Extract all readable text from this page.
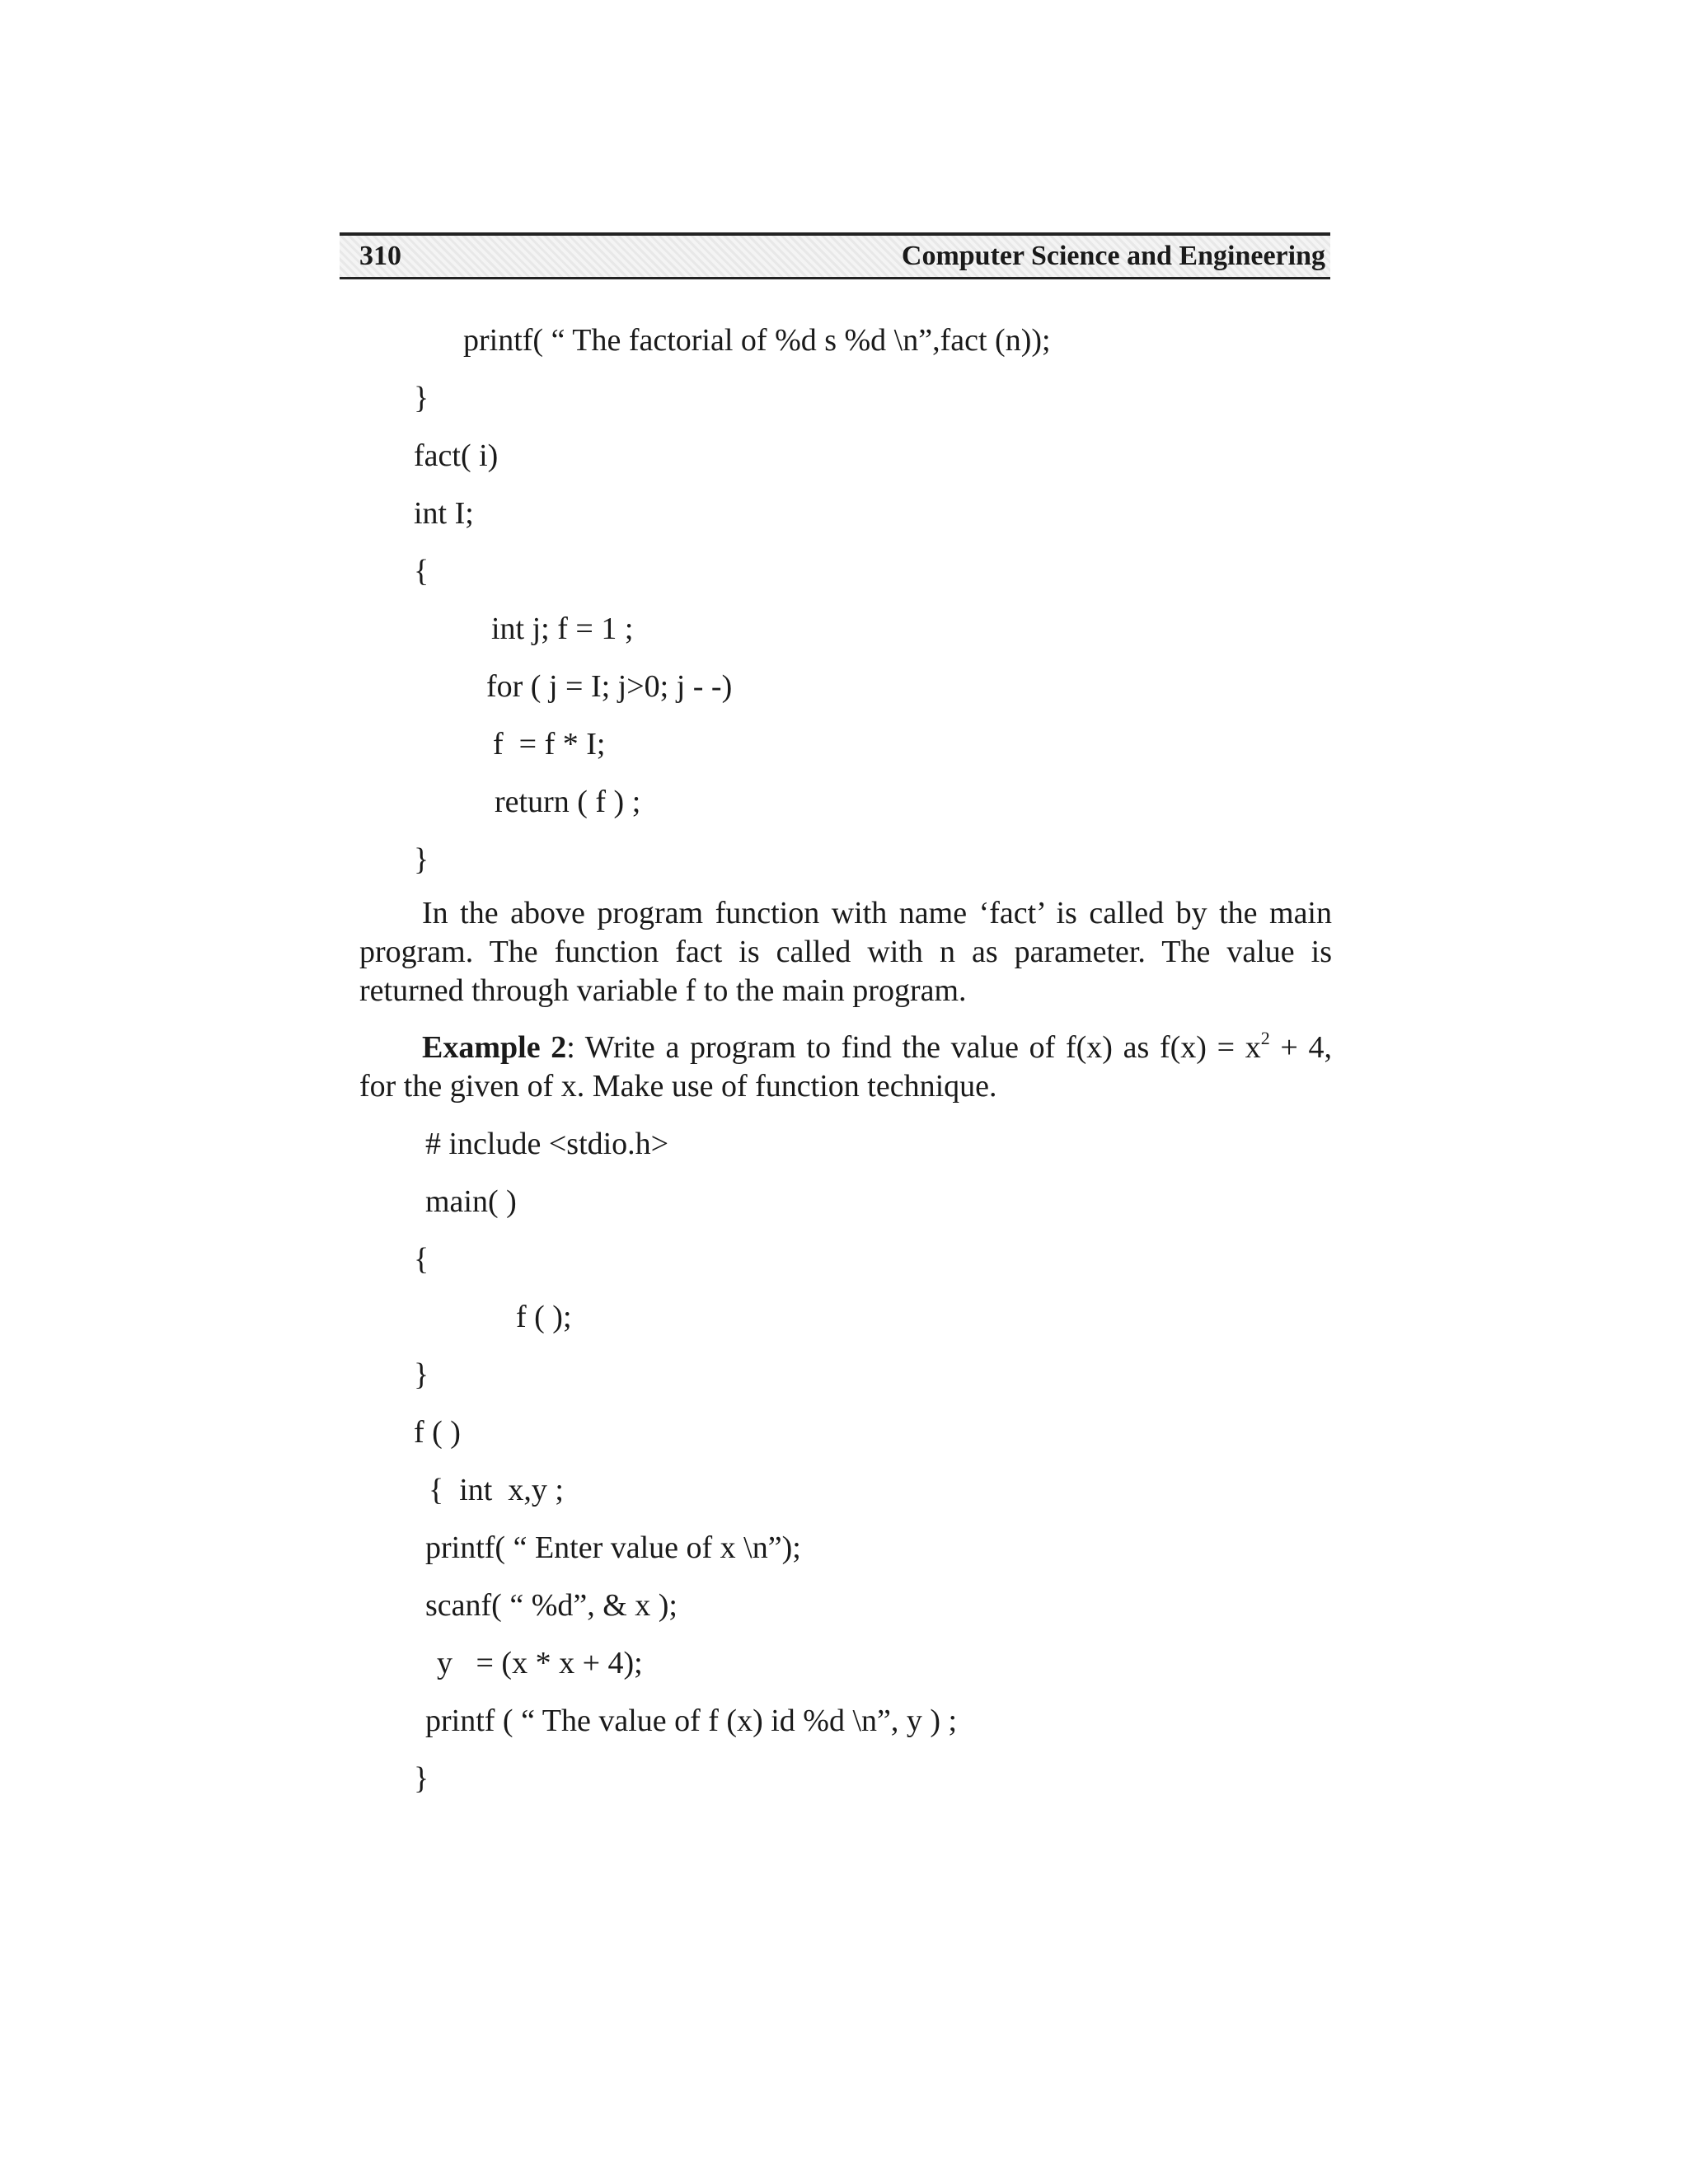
310	Computer Science and Engineering
printf( “ The factorial of %d s %d \n”,fact (n));
}
fact( i)
int I;
{
int j; f = 1 ;
for ( j = I; j>0; j - -)
f  = f * I;
return ( f ) ;
}

In the above program function with name ‘fact’ is called by the main program. The function fact is called with n as parameter. The value is returned through variable f to the main program.

Example 2: Write a program to find the value of f(x) as $f(x) = x^2 + 4$, for the given of x. Make use of function technique.

# include <stdio.h>
main( )
{
f ( );
}
f ( )
{  int  x,y ;
printf( “ Enter value of x \n”);
scanf( “ %d”, & x );
y   = (x * x + 4);
printf ( “ The value of f (x) id %d \n”, y ) ;
}
